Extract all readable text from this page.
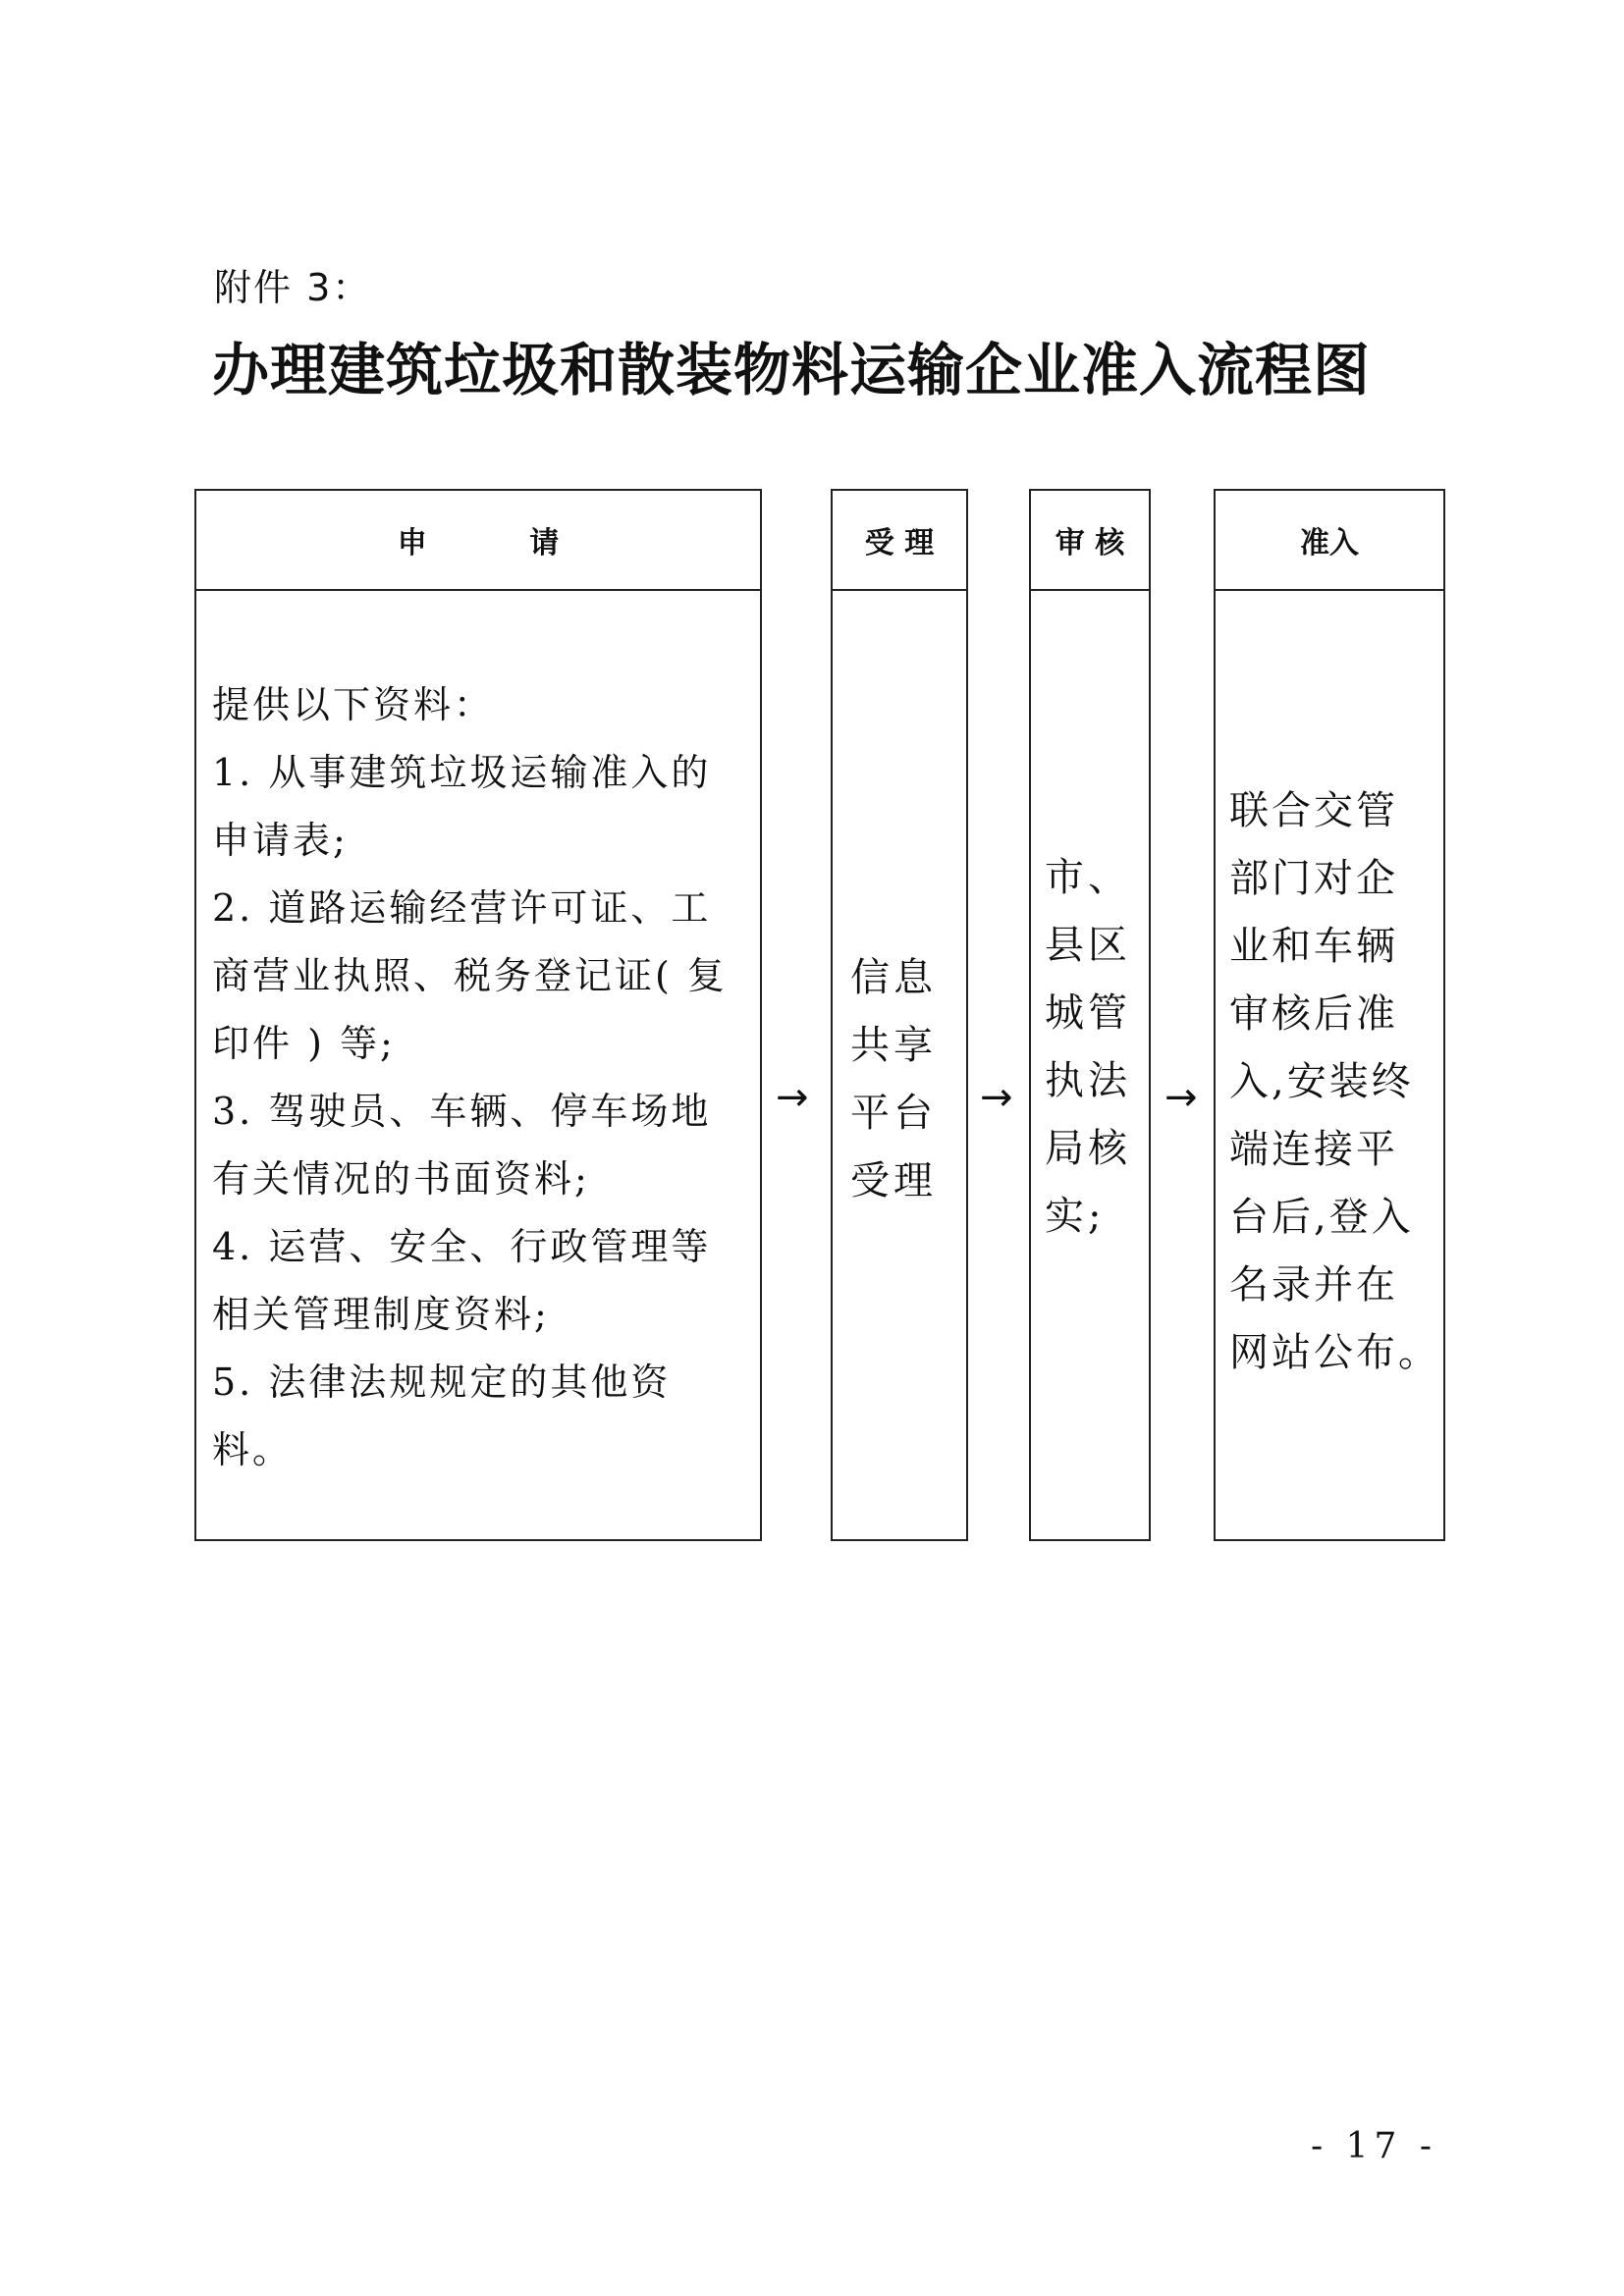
附件 3：
办理建筑垃圾和散装物料运输企业准入流程图
申          请

提供以下资料：

1. 从事建筑垃圾运输准入的

申请表;

2. 道路运输经营许可证、工

商营业执照、税务登记证( 复

印件 ) 等;

3. 驾驶员、车辆、停车场地

有关情况的书面资料;

4. 运营、安全、行政管理等

相关管理制度资料;

5. 法律法规规定的其他资

料。

→
受 理

信息

共享

平台

受理

→
审 核

市、

县区

城管

执法

局核

实;

→
准入

联合交管

部门对企

业和车辆

审核后准

入,安装终

端连接平

台后,登入

名录并在

网站公布。

- 17 -
